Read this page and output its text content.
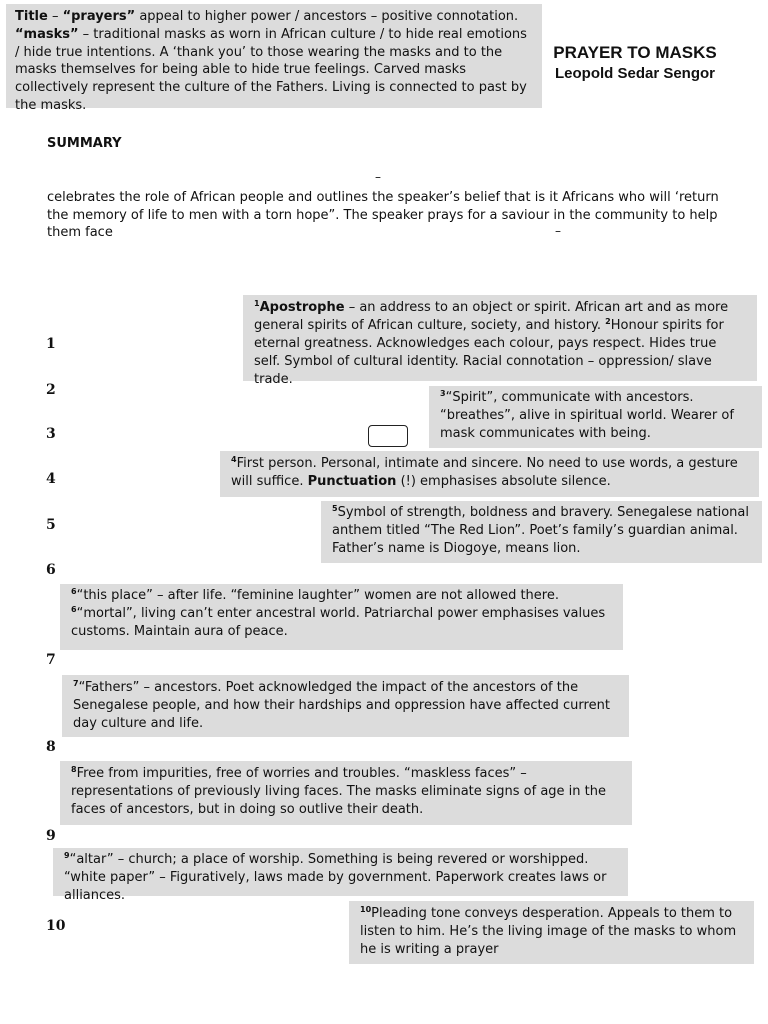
Title – “prayers” appeal to higher power / ancestors – positive connotation.
“masks” – traditional masks as worn in African culture / to hide real emotions / hide true intentions. A ‘thank you’ to those wearing the masks and to the masks themselves for being able to hide true feelings. Carved masks collectively represent the culture of the Fathers. Living is connected to past by the masks.
PRAYER TO MASKS
Leopold Sedar Sengor
SUMMARY
–

celebrates the role of African people and outlines the speaker’s belief that is it Africans who will ‘return the memory of life to men with a torn hope”. The speaker prays for a saviour in the community to help them face	–
1
2
3
4
5
6
7
8
9
10
$^1$Apostrophe – an address to an object or spirit. African art and as more general spirits of African culture, society, and history. $^2$Honour spirits for eternal greatness. Acknowledges each colour, pays respect. Hides true self. Symbol of cultural identity. Racial connotation – oppression/ slave trade.
$^3$“Spirit”, communicate with ancestors. “breathes”, alive in spiritual world. Wearer of mask communicates with being.
$^4$First person. Personal, intimate and sincere. No need to use words, a gesture will suffice. Punctuation (!) emphasises absolute silence.
$^5$Symbol of strength, boldness and bravery. Senegalese national anthem titled “The Red Lion”. Poet’s family’s guardian animal. Father’s name is Diogoye, means lion.
$^6$“this place” – after life. “feminine laughter” women are not allowed there. $^6$“mortal”, living can’t enter ancestral world. Patriarchal power emphasises values customs. Maintain aura of peace.
$^7$“Fathers” – ancestors. Poet acknowledged the impact of the ancestors of the Senegalese people, and how their hardships and oppression have affected current day culture and life.
$^8$Free from impurities, free of worries and troubles. “maskless faces” – representations of previously living faces. The masks eliminate signs of age in the faces of ancestors, but in doing so outlive their death.
$^9$“altar” – church; a place of worship. Something is being revered or worshipped. “white paper” – Figuratively, laws made by government. Paperwork creates laws or alliances.
$^{10}$Pleading tone conveys desperation. Appeals to them to listen to him. He’s the living image of the masks to whom he is writing a prayer
